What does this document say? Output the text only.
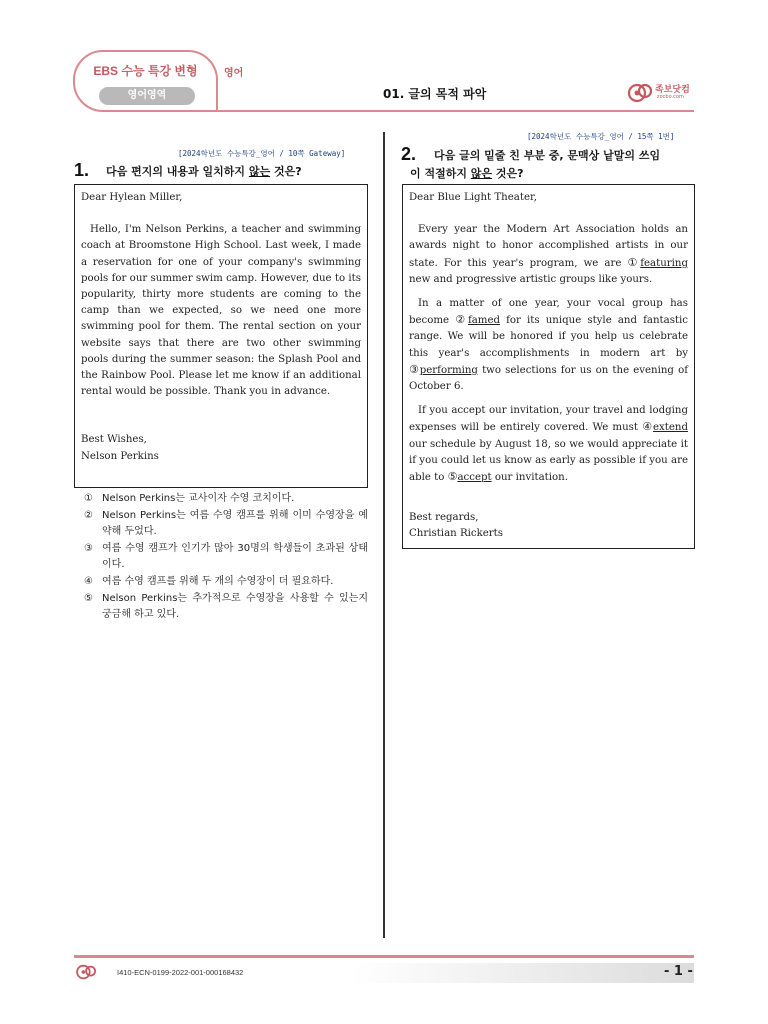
EBS 수능 특강 변형
영어영역
영어
01. 글의 목적 파악	족보닷컴
zocbo.com
[2024학년도 수능특강_영어 / 10쪽 Gateway]
1. 다음 편지의 내용과 일치하지 않는 것은?

Dear Hylean Miller,

Hello, I'm Nelson Perkins, a teacher and swimming coach at Broomstone High School. Last week, I made a reservation for one of your company's swimming pools for our summer swim camp. However, due to its popularity, thirty more students are coming to the camp than we expected, so we need one more swimming pool for them. The rental section on your website says that there are two other swimming pools during the summer season: the Splash Pool and the Rainbow Pool. Please let me know if an additional rental would be possible. Thank you in advance.

Best Wishes,

Nelson Perkins

① Nelson Perkins는 교사이자 수영 코치이다.
② Nelson Perkins는 여름 수영 캠프를 위해 이미 수영장을 예약해 두었다.
③ 여름 수영 캠프가 인기가 많아 30명의 학생들이 초과된 상태이다.
④ 여름 수영 캠프를 위해 두 개의 수영장이 더 필요하다.
⑤ Nelson Perkins는 추가적으로 수영장을 사용할 수 있는지 궁금해 하고 있다.
[2024학년도 수능특강_영어 / 15쪽 1번]
2. 다음 글의 밑줄 친 부분 중, 문맥상 낱말의 쓰임
이 적절하지 않은 것은?

Dear Blue Light Theater,

Every year the Modern Art Association holds an awards night to honor accomplished artists in our state. For this year's program, we are ①featuring new and progressive artistic groups like yours.

In a matter of one year, your vocal group has become ②famed for its unique style and fantastic range. We will be honored if you help us celebrate this year's accomplishments in modern art by ③performing two selections for us on the evening of October 6.

If you accept our invitation, your travel and lodging expenses will be entirely covered. We must ④extend our schedule by August 18, so we would appreciate it if you could let us know as early as possible if you are able to ⑤accept our invitation.

Best regards,

Christian Rickerts

I410-ECN-0199-2022-001-000168432	- 1 -
